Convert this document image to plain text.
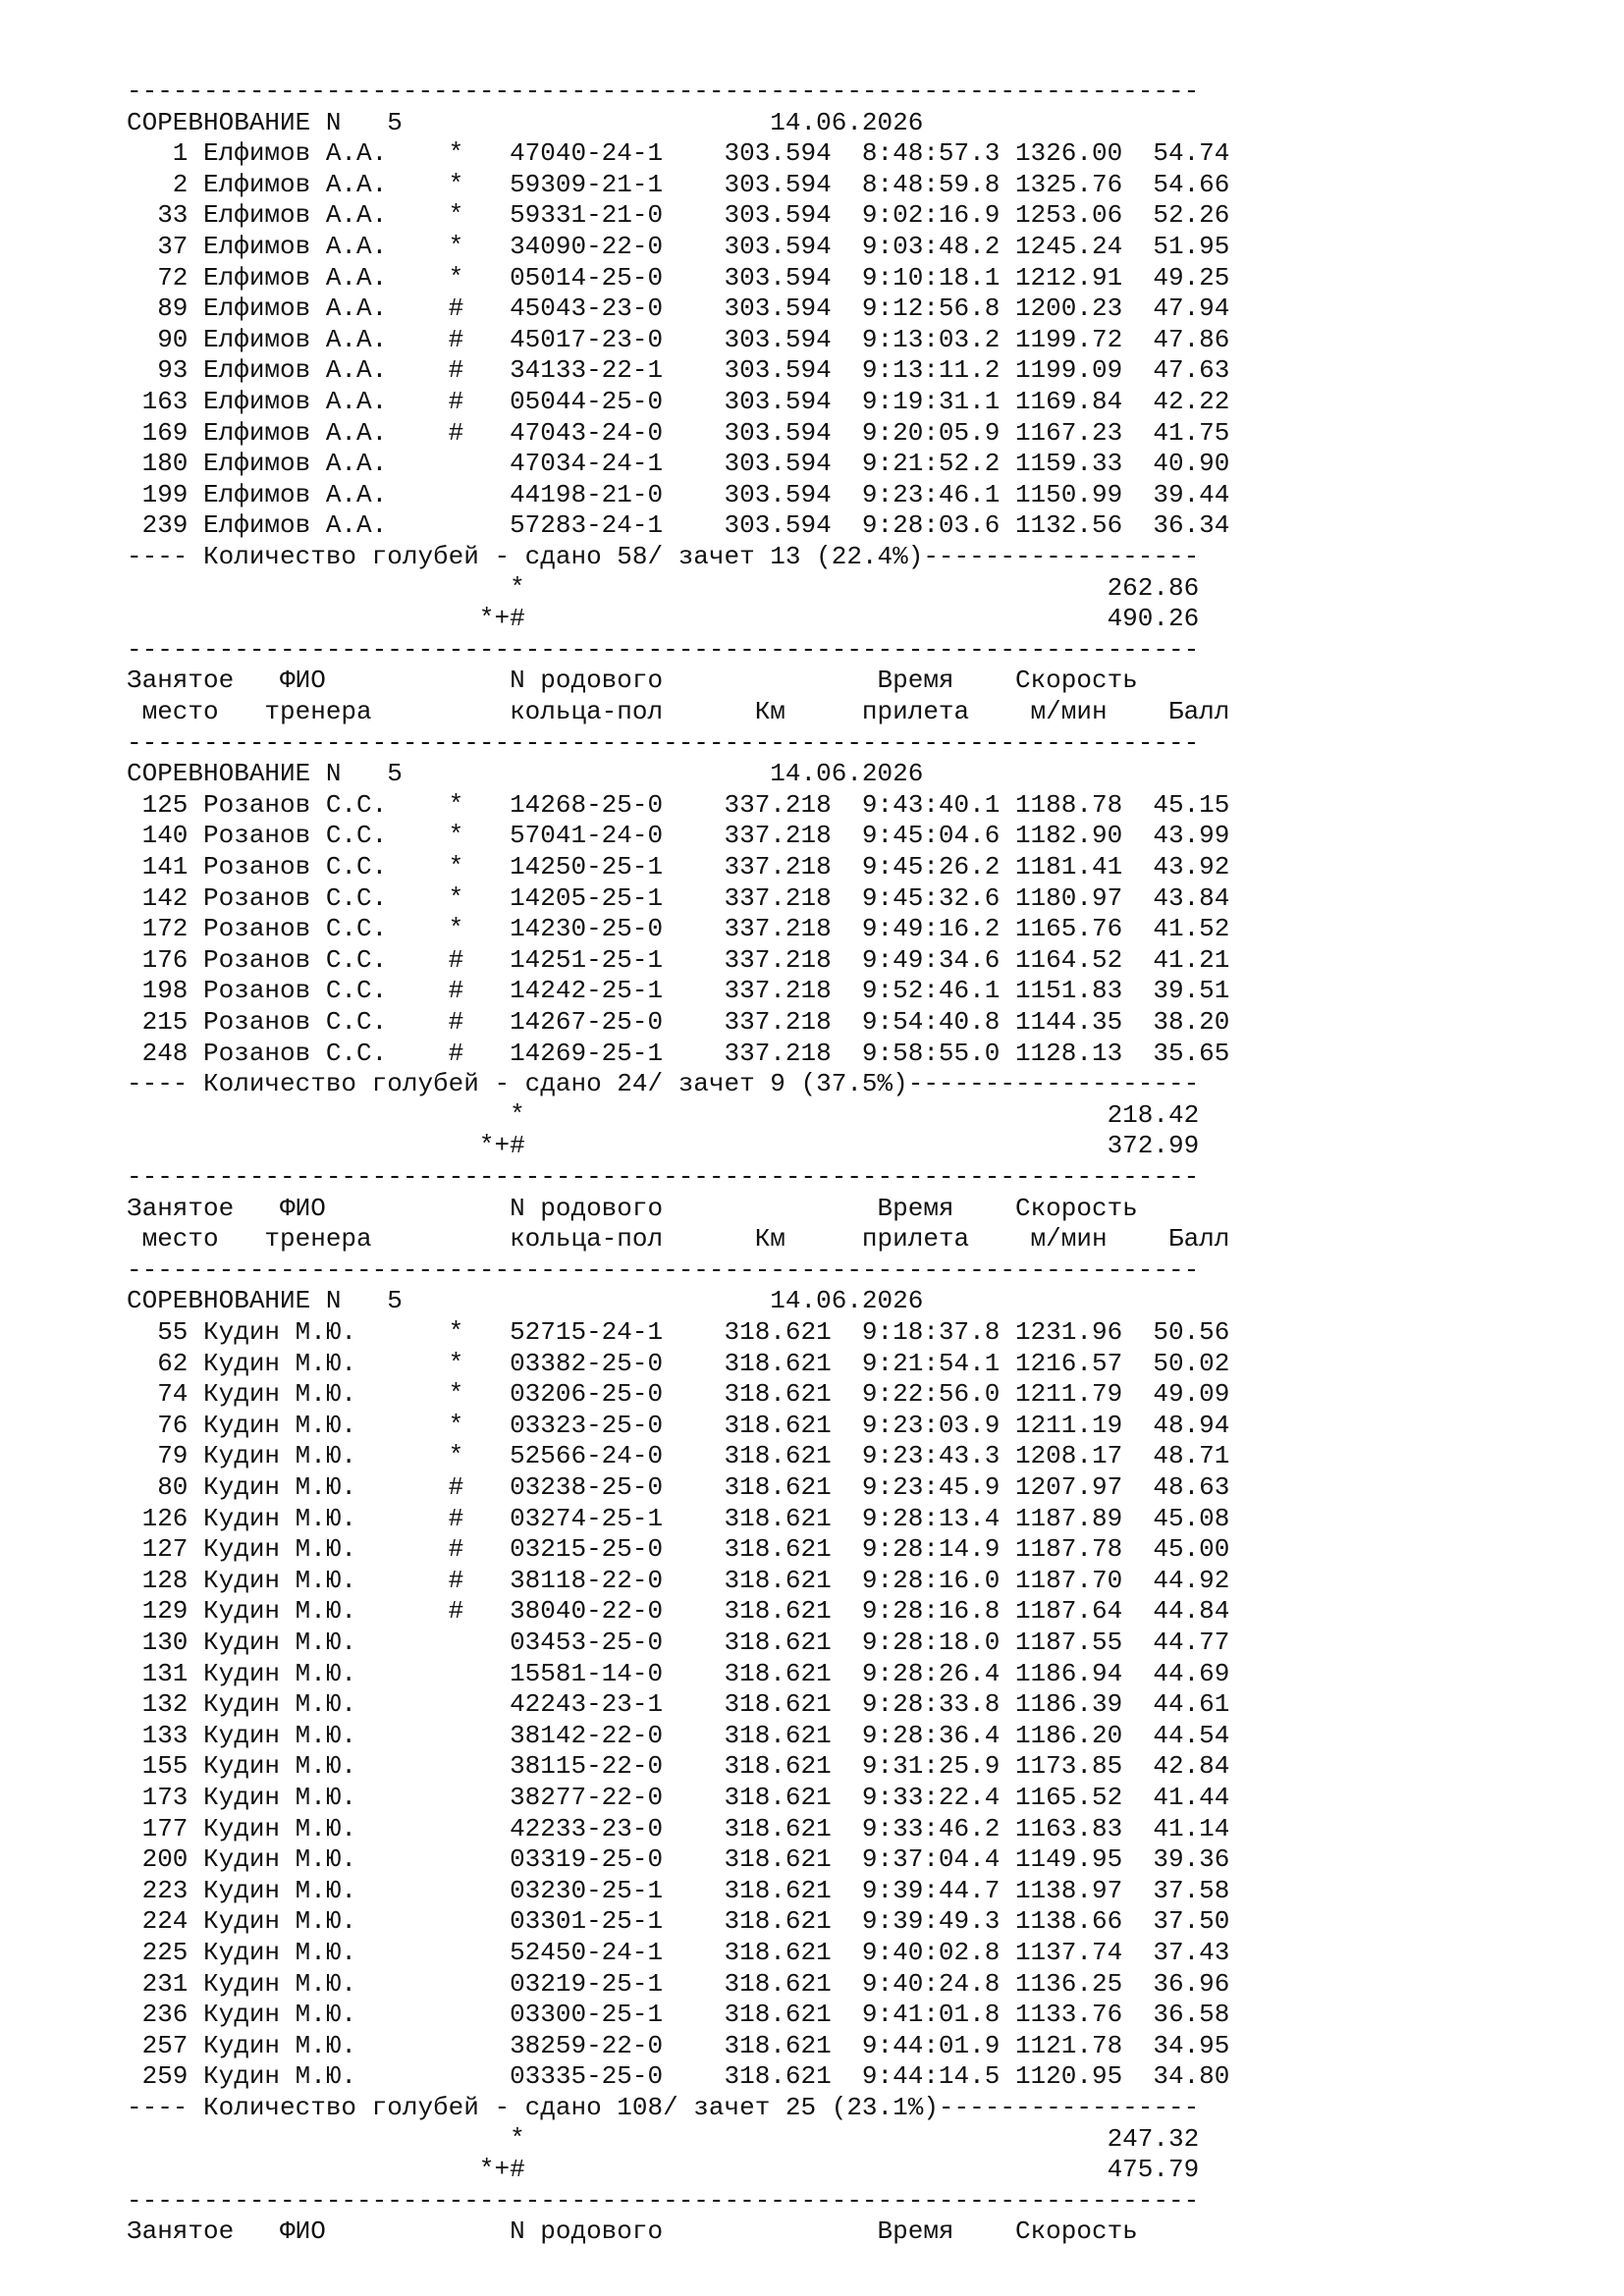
----------------------------------------------------------------------
СОРЕВНОВАНИЕ N   5                        14.06.2026
1 Елфимов А.А.    *   47040-24-1    303.594  8:48:57.3 1326.00  54.74
2 Елфимов А.А.    *   59309-21-1    303.594  8:48:59.8 1325.76  54.66
33 Елфимов А.А.    *   59331-21-0    303.594  9:02:16.9 1253.06  52.26
37 Елфимов А.А.    *   34090-22-0    303.594  9:03:48.2 1245.24  51.95
72 Елфимов А.А.    *   05014-25-0    303.594  9:10:18.1 1212.91  49.25
89 Елфимов А.А.    #   45043-23-0    303.594  9:12:56.8 1200.23  47.94
90 Елфимов А.А.    #   45017-23-0    303.594  9:13:03.2 1199.72  47.86
93 Елфимов А.А.    #   34133-22-1    303.594  9:13:11.2 1199.09  47.63
163 Елфимов А.А.    #   05044-25-0    303.594  9:19:31.1 1169.84  42.22
169 Елфимов А.А.    #   47043-24-0    303.594  9:20:05.9 1167.23  41.75
180 Елфимов А.А.        47034-24-1    303.594  9:21:52.2 1159.33  40.90
199 Елфимов А.А.        44198-21-0    303.594  9:23:46.1 1150.99  39.44
239 Елфимов А.А.        57283-24-1    303.594  9:28:03.6 1132.56  36.34
---- Количество голубей - сдано 58/ зачет 13 (22.4%)------------------
*                                      262.86
*+#                                      490.26
----------------------------------------------------------------------
Занятое   ФИО            N родового              Время    Скорость
место   тренера         кольца-пол      Км     прилета    м/мин    Балл
----------------------------------------------------------------------
СОРЕВНОВАНИЕ N   5                        14.06.2026
125 Розанов С.С.    *   14268-25-0    337.218  9:43:40.1 1188.78  45.15
140 Розанов С.С.    *   57041-24-0    337.218  9:45:04.6 1182.90  43.99
141 Розанов С.С.    *   14250-25-1    337.218  9:45:26.2 1181.41  43.92
142 Розанов С.С.    *   14205-25-1    337.218  9:45:32.6 1180.97  43.84
172 Розанов С.С.    *   14230-25-0    337.218  9:49:16.2 1165.76  41.52
176 Розанов С.С.    #   14251-25-1    337.218  9:49:34.6 1164.52  41.21
198 Розанов С.С.    #   14242-25-1    337.218  9:52:46.1 1151.83  39.51
215 Розанов С.С.    #   14267-25-0    337.218  9:54:40.8 1144.35  38.20
248 Розанов С.С.    #   14269-25-1    337.218  9:58:55.0 1128.13  35.65
---- Количество голубей - сдано 24/ зачет 9 (37.5%)-------------------
*                                      218.42
*+#                                      372.99
----------------------------------------------------------------------
Занятое   ФИО            N родового              Время    Скорость
место   тренера         кольца-пол      Км     прилета    м/мин    Балл
----------------------------------------------------------------------
СОРЕВНОВАНИЕ N   5                        14.06.2026
55 Кудин М.Ю.      *   52715-24-1    318.621  9:18:37.8 1231.96  50.56
62 Кудин М.Ю.      *   03382-25-0    318.621  9:21:54.1 1216.57  50.02
74 Кудин М.Ю.      *   03206-25-0    318.621  9:22:56.0 1211.79  49.09
76 Кудин М.Ю.      *   03323-25-0    318.621  9:23:03.9 1211.19  48.94
79 Кудин М.Ю.      *   52566-24-0    318.621  9:23:43.3 1208.17  48.71
80 Кудин М.Ю.      #   03238-25-0    318.621  9:23:45.9 1207.97  48.63
126 Кудин М.Ю.      #   03274-25-1    318.621  9:28:13.4 1187.89  45.08
127 Кудин М.Ю.      #   03215-25-0    318.621  9:28:14.9 1187.78  45.00
128 Кудин М.Ю.      #   38118-22-0    318.621  9:28:16.0 1187.70  44.92
129 Кудин М.Ю.      #   38040-22-0    318.621  9:28:16.8 1187.64  44.84
130 Кудин М.Ю.          03453-25-0    318.621  9:28:18.0 1187.55  44.77
131 Кудин М.Ю.          15581-14-0    318.621  9:28:26.4 1186.94  44.69
132 Кудин М.Ю.          42243-23-1    318.621  9:28:33.8 1186.39  44.61
133 Кудин М.Ю.          38142-22-0    318.621  9:28:36.4 1186.20  44.54
155 Кудин М.Ю.          38115-22-0    318.621  9:31:25.9 1173.85  42.84
173 Кудин М.Ю.          38277-22-0    318.621  9:33:22.4 1165.52  41.44
177 Кудин М.Ю.          42233-23-0    318.621  9:33:46.2 1163.83  41.14
200 Кудин М.Ю.          03319-25-0    318.621  9:37:04.4 1149.95  39.36
223 Кудин М.Ю.          03230-25-1    318.621  9:39:44.7 1138.97  37.58
224 Кудин М.Ю.          03301-25-1    318.621  9:39:49.3 1138.66  37.50
225 Кудин М.Ю.          52450-24-1    318.621  9:40:02.8 1137.74  37.43
231 Кудин М.Ю.          03219-25-1    318.621  9:40:24.8 1136.25  36.96
236 Кудин М.Ю.          03300-25-1    318.621  9:41:01.8 1133.76  36.58
257 Кудин М.Ю.          38259-22-0    318.621  9:44:01.9 1121.78  34.95
259 Кудин М.Ю.          03335-25-0    318.621  9:44:14.5 1120.95  34.80
---- Количество голубей - сдано 108/ зачет 25 (23.1%)-----------------
*                                      247.32
*+#                                      475.79
----------------------------------------------------------------------
Занятое   ФИО            N родового              Время    Скорость
